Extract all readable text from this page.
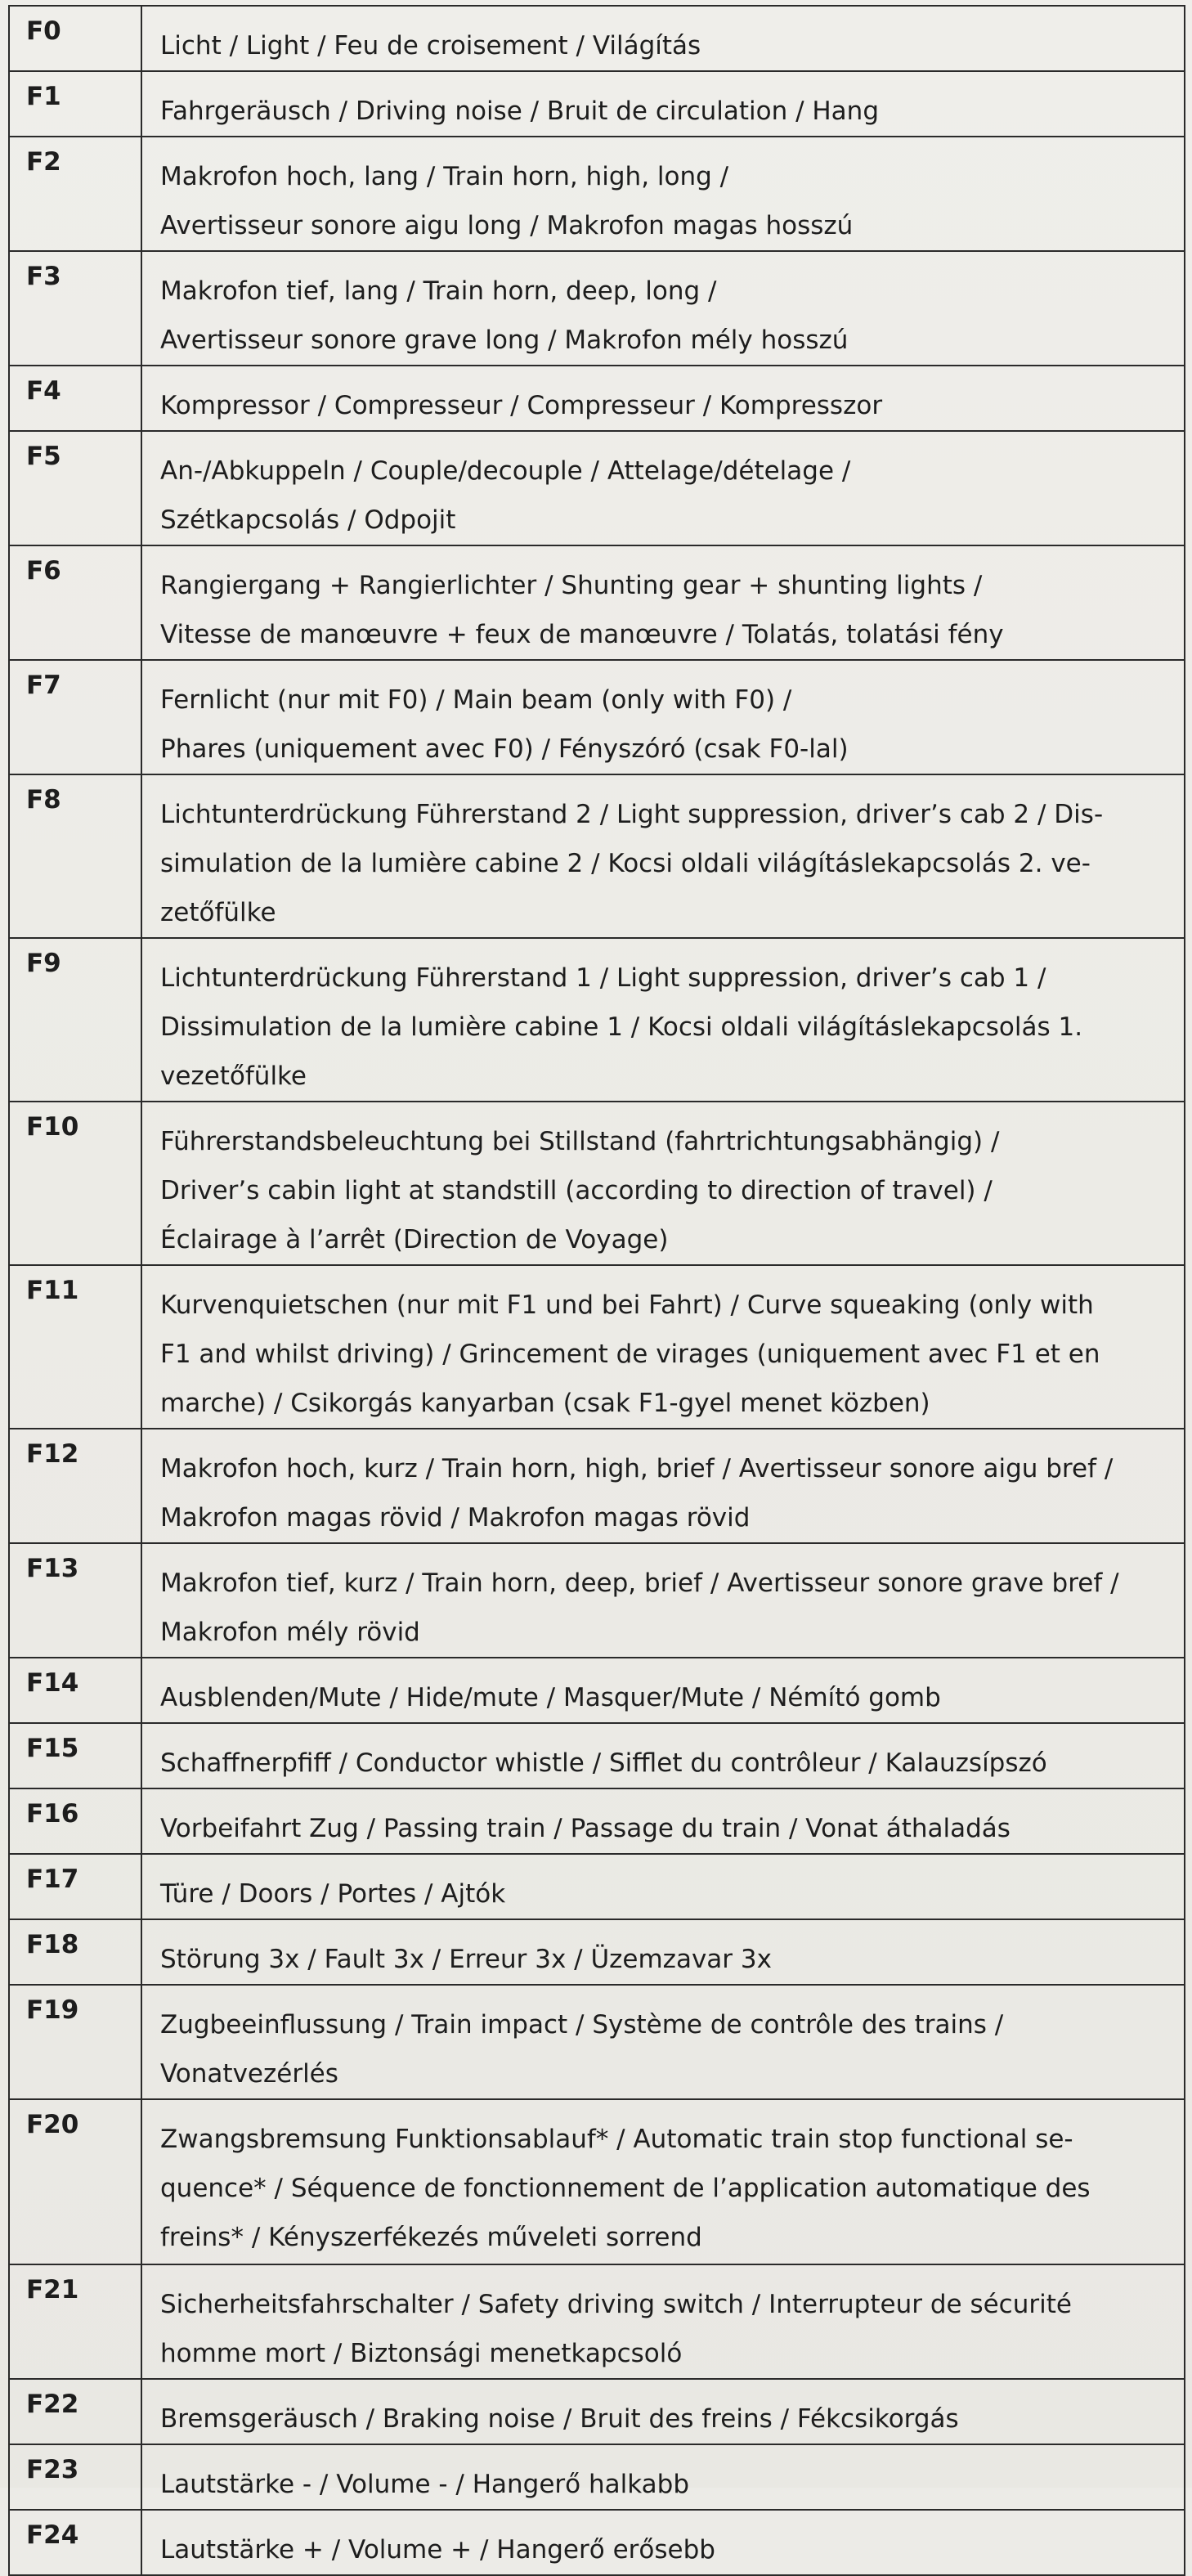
F0	Licht / Light / Feu de croisement / Világítás

F1	Fahrgeräusch / Driving noise / Bruit de circulation / Hang

F2	Makrofon hoch, lang / Train horn, high, long /
Avertisseur sonore aigu long / Makrofon magas hosszú

F3	Makrofon tief, lang / Train horn, deep, long /
Avertisseur sonore grave long / Makrofon mély hosszú

F4	Kompressor / Compresseur / Compresseur / Kompresszor

F5	An-/Abkuppeln / Couple/decouple / Attelage/dételage /
Szétkapcsolás / Odpojit

F6	Rangiergang + Rangierlichter / Shunting gear + shunting lights /
Vitesse de manœuvre + feux de manœuvre / Tolatás, tolatási fény

F7	Fernlicht (nur mit F0) / Main beam (only with F0) /
Phares (uniquement avec F0) / Fényszóró (csak F0-lal)

F8	Lichtunterdrückung Führerstand 2 / Light suppression, driver’s cab 2 / Dis-
simulation de la lumière cabine 2 / Kocsi oldali világításlekapcsolás 2. ve-
zetőfülke

F9	Lichtunterdrückung Führerstand 1 / Light suppression, driver’s cab 1 /
Dissimulation de la lumière cabine 1 / Kocsi oldali világításlekapcsolás 1.
vezetőfülke

F10	Führerstandsbeleuchtung bei Stillstand (fahrtrichtungsabhängig) /
Driver’s cabin light at standstill (according to direction of travel) /
Éclairage à l’arrêt (Direction de Voyage)

F11	Kurvenquietschen (nur mit F1 und bei Fahrt) / Curve squeaking (only with
F1 and whilst driving) / Grincement de virages (uniquement avec F1 et en
marche) / Csikorgás kanyarban (csak F1-gyel menet közben)

F12	Makrofon hoch, kurz / Train horn, high, brief / Avertisseur sonore aigu bref /
Makrofon magas rövid / Makrofon magas rövid

F13	Makrofon tief, kurz / Train horn, deep, brief / Avertisseur sonore grave bref /
Makrofon mély rövid

F14	Ausblenden/Mute / Hide/mute / Masquer/Mute / Némító gomb

F15	Schaffnerpfiff / Conductor whistle / Sifflet du contrôleur / Kalauzsípszó

F16	Vorbeifahrt Zug / Passing train / Passage du train / Vonat áthaladás

F17	Türe / Doors / Portes / Ajtók

F18	Störung 3x / Fault 3x / Erreur 3x / Üzemzavar 3x

F19	Zugbeeinflussung / Train impact / Système de contrôle des trains /
Vonatvezérlés

F20	Zwangsbremsung Funktionsablauf* / Automatic train stop functional se-
quence* / Séquence de fonctionnement de l’application automatique des
freins* / Kényszerfékezés műveleti sorrend

F21	Sicherheitsfahrschalter / Safety driving switch / Interrupteur de sécurité
homme mort / Biztonsági menetkapcsoló

F22	Bremsgeräusch / Braking noise / Bruit des freins / Fékcsikorgás

F23	Lautstärke - / Volume - / Hangerő halkabb

F24	Lautstärke + / Volume + / Hangerő erősebb
